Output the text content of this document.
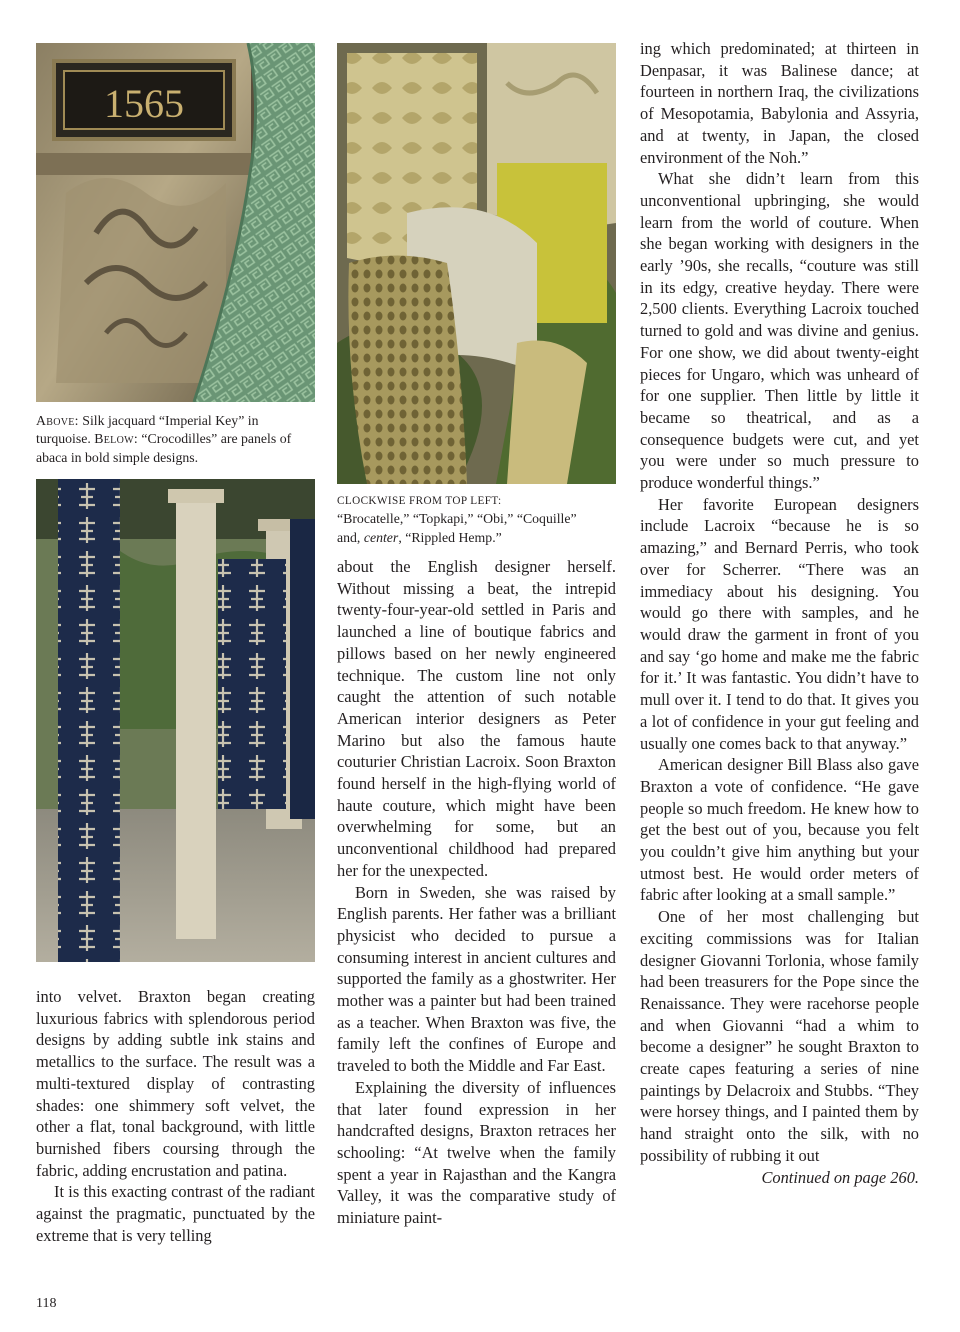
1565
Above: Silk jacquard “Imperial Key” in turquoise. Below: “Crocodilles” are panels of abaca in bold simple designs.
CLOCKWISE FROM TOP LEFT:
“Brocatelle,” “Topkapi,” “Obi,” “Coquille”
and, center, “Rippled Hemp.”

into velvet. Braxton began creating luxurious fabrics with splendorous period designs by adding subtle ink stains and metallics to the surface. The result was a multi-textured display of contrasting shades: one shimmery soft velvet, the other a flat, tonal background, with little burnished fibers coursing through the fabric, adding encrustation and patina.

It is this exacting contrast of the radiant against the pragmatic, punctuated by the extreme that is very telling

about the English designer herself. Without missing a beat, the intrepid twenty-four-year-old settled in Paris and launched a line of boutique fabrics and pillows based on her newly engineered technique. The custom line not only caught the attention of such notable American interior designers as Peter Marino but also the famous haute couturier Christian Lacroix. Soon Braxton found herself in the high-flying world of haute couture, which might have been overwhelming for some, but an unconventional childhood had prepared her for the unexpected.

Born in Sweden, she was raised by English parents. Her father was a brilliant physicist who decided to pursue a consuming interest in ancient cultures and supported the family as a ghostwriter. Her mother was a painter but had been trained as a teacher. When Braxton was five, the family left the confines of Europe and traveled to both the Middle and Far East.

Explaining the diversity of influences that later found expression in her handcrafted designs, Braxton retraces her schooling: “At twelve when the family spent a year in Rajasthan and the Kangra Valley, it was the comparative study of miniature paint-

ing which predominated; at thirteen in Denpasar, it was Balinese dance; at fourteen in northern Iraq, the civilizations of Mesopotamia, Babylonia and Assyria, and at twenty, in Japan, the closed environment of the Noh.”

What she didn’t learn from this unconventional upbringing, she would learn from the world of couture. When she began working with designers in the early ’90s, she recalls, “couture was still in its edgy, creative heyday. There were 2,500 clients. Everything Lacroix touched turned to gold and was divine and genius. For one show, we did about twenty-eight pieces for Ungaro, which was unheard of for one supplier. Then little by little it became so theatrical, and as a consequence budgets were cut, and yet you were under so much pressure to produce wonderful things.”

Her favorite European designers include Lacroix “because he is so amazing,” and Bernard Perris, who took over for Scherrer. “There was an immediacy about his designing. You would go there with samples, and he would draw the garment in front of you and say ‘go home and make me the fabric for it.’ It was fantastic. You didn’t have to mull over it. I tend to do that. It gives you a lot of confidence in your gut feeling and usually one comes back to that anyway.”

American designer Bill Blass also gave Braxton a vote of confidence. “He gave people so much freedom. He knew how to get the best out of you, because you felt you couldn’t give him anything but your utmost best. He would order meters of fabric after looking at a small sample.”

One of her most challenging but exciting commissions was for Italian designer Giovanni Torlonia, whose family had been treasurers for the Pope since the Renaissance. They were racehorse people and when Giovanni “had a whim to become a designer” he sought Braxton to create capes featuring a series of nine paintings by Delacroix and Stubbs. “They were horsey things, and I painted them by hand straight onto the silk, with no possibility of rubbing it out

Continued on page 260.
118
